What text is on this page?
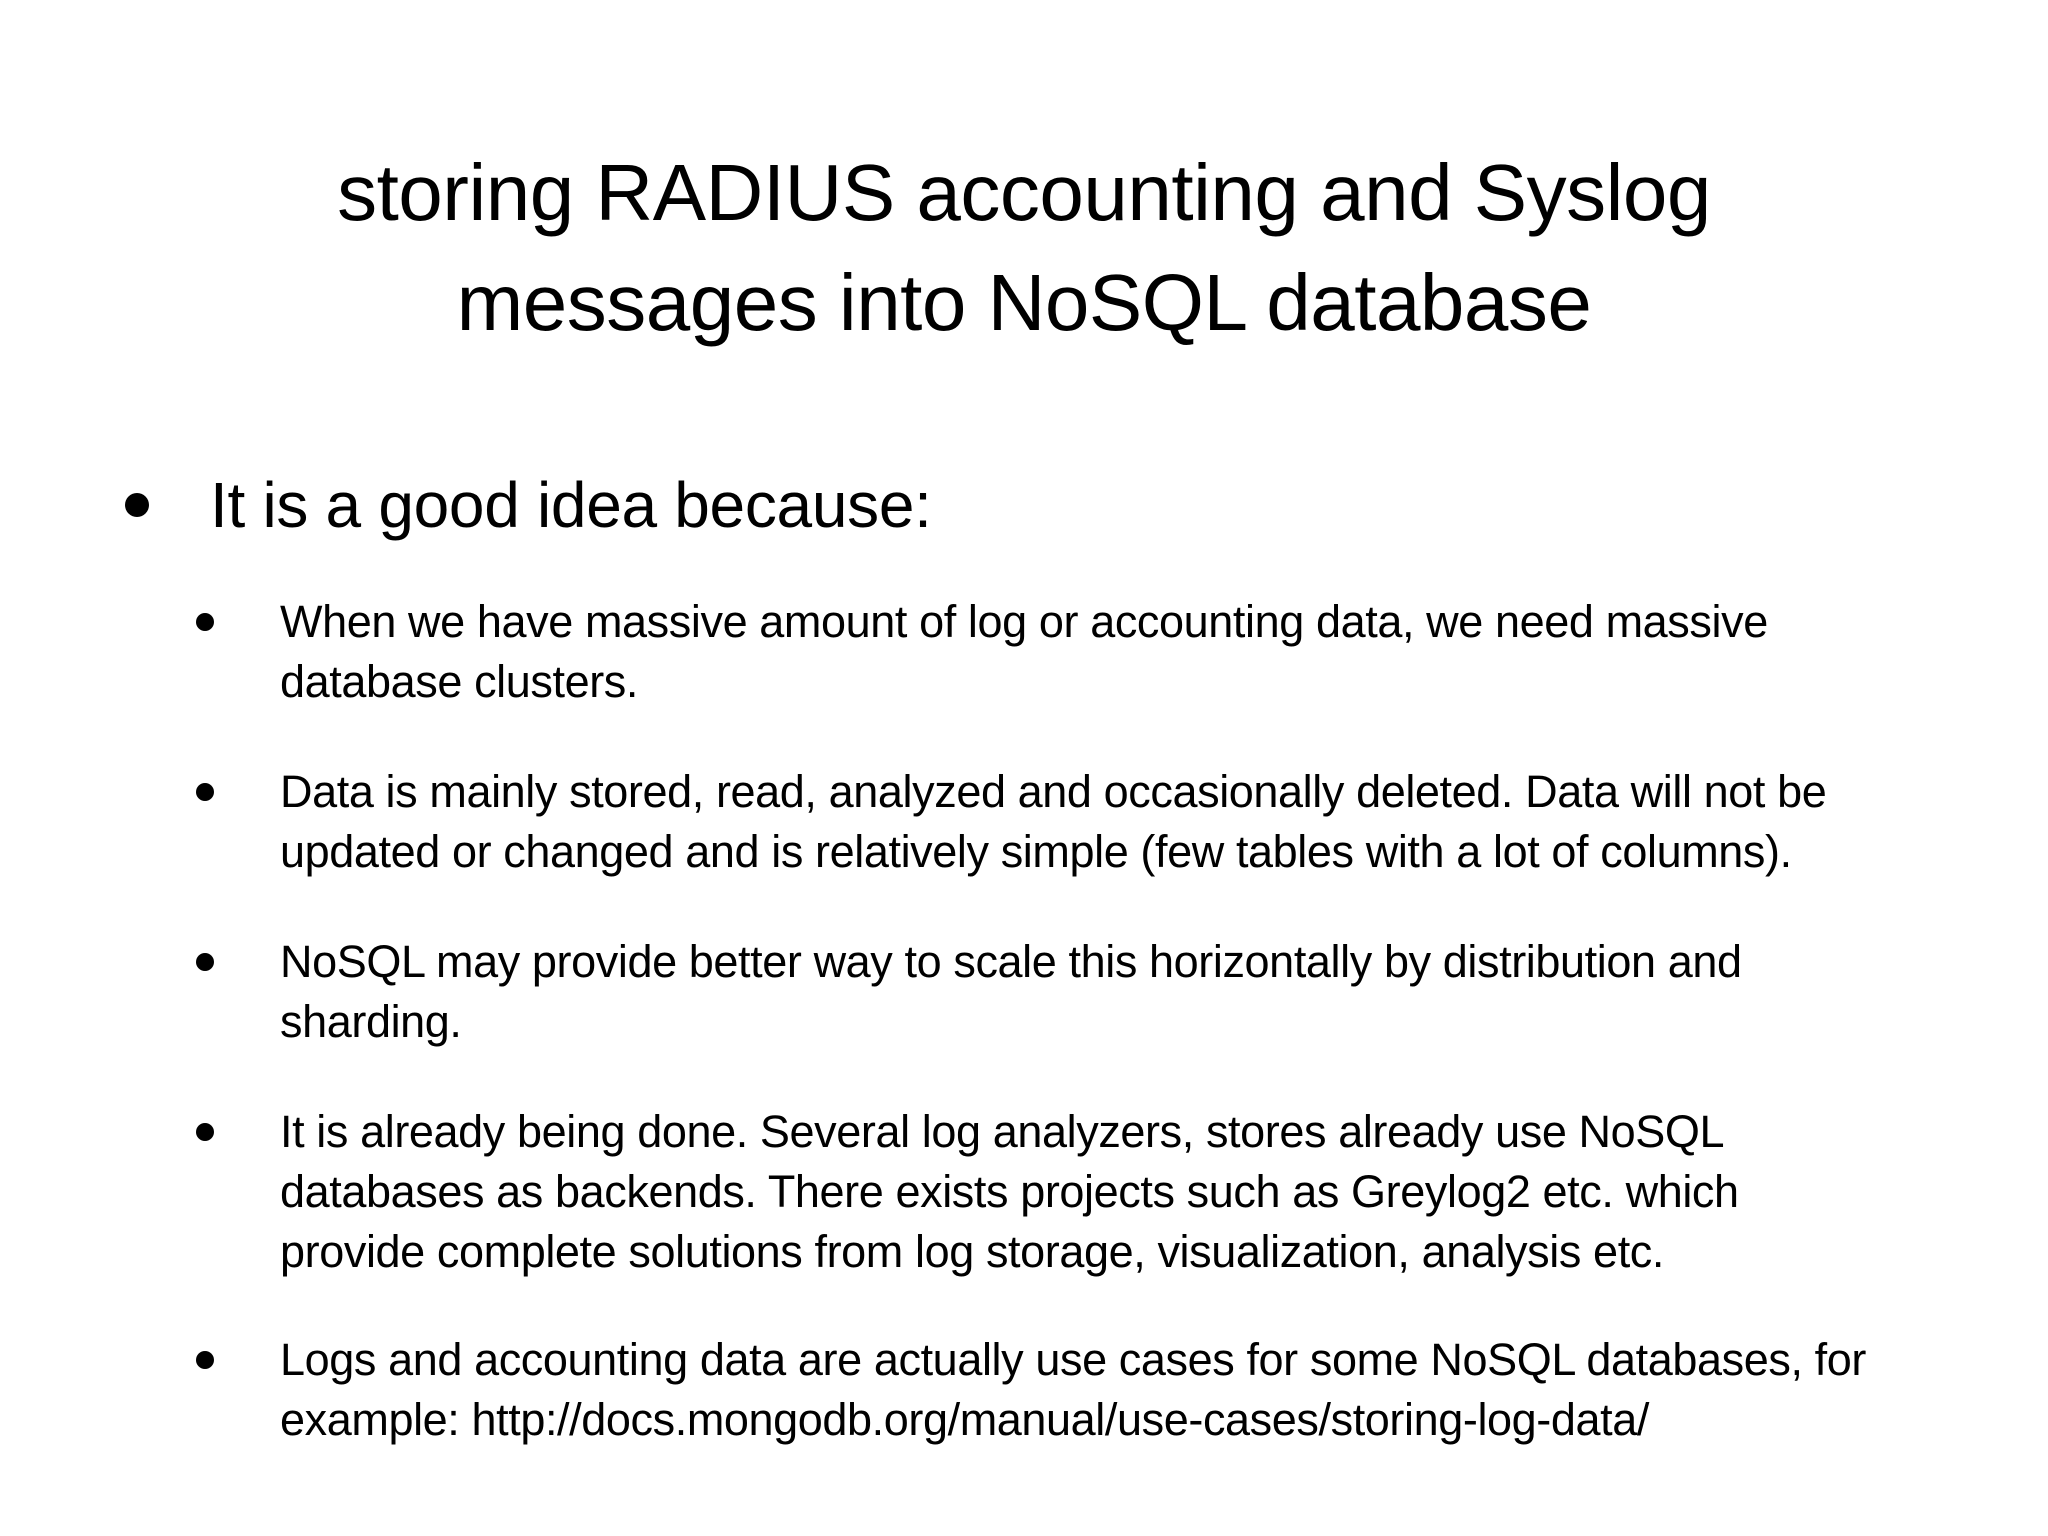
storing RADIUS accounting and Syslog
messages into NoSQL database
It is a good idea because:
When we have massive amount of log or accounting data, we need massive
database clusters.
Data is mainly stored, read, analyzed and occasionally deleted. Data will not be
updated or changed and is relatively simple (few tables with a lot of columns).
NoSQL may provide better way to scale this horizontally by distribution and
sharding.
It is already being done. Several log analyzers, stores already use NoSQL
databases as backends. There exists projects such as Greylog2 etc. which
provide complete solutions from log storage, visualization, analysis etc.
Logs and accounting data are actually use cases for some NoSQL databases, for
example: http://docs.mongodb.org/manual/use-cases/storing-log-data/
